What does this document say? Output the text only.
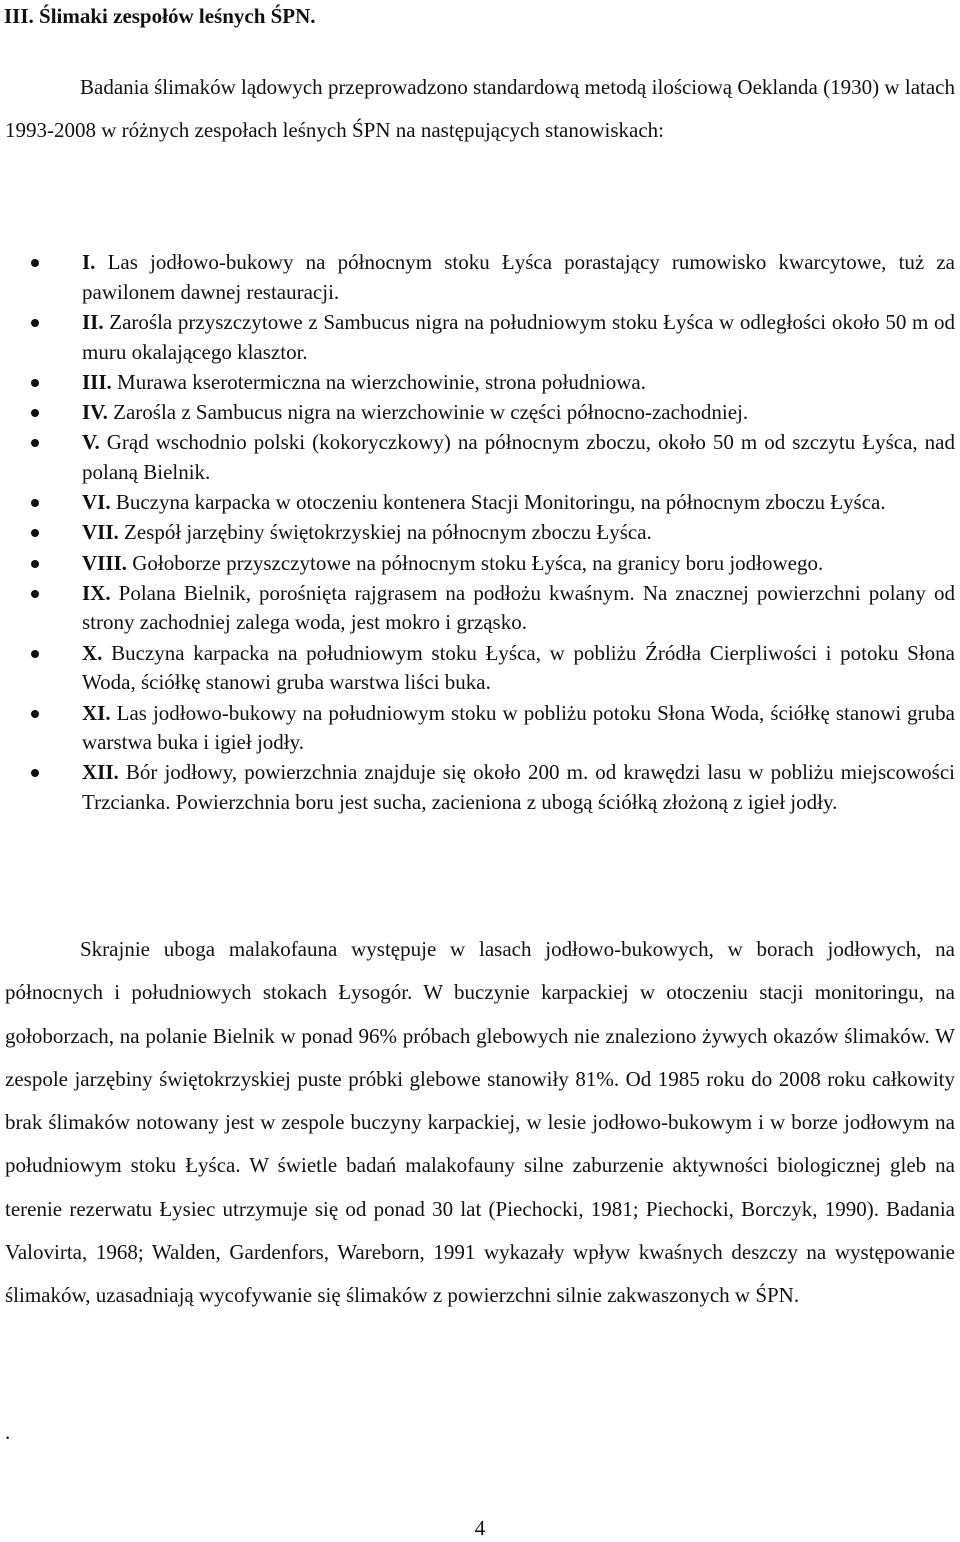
III. Ślimaki zespołów leśnych ŚPN.

Badania ślimaków lądowych przeprowadzono standardową metodą ilościową Oeklanda (1930) w latach 1993-2008 w różnych zespołach leśnych ŚPN na następujących stanowiskach:

I. Las jodłowo-bukowy na północnym stoku Łyśca porastający rumowisko kwarcytowe, tuż za pawilonem dawnej restauracji.
II. Zarośla przyszczytowe z Sambucus nigra na południowym stoku Łyśca w odległości około 50 m od muru okalającego klasztor.
III. Murawa kserotermiczna na wierzchowinie, strona południowa.
IV. Zarośla z Sambucus nigra na wierzchowinie w części północno-zachodniej.
V. Grąd wschodnio polski (kokoryczkowy) na północnym zboczu, około 50 m od szczytu Łyśca, nad polaną Bielnik.
VI. Buczyna karpacka w otoczeniu kontenera Stacji Monitoringu, na północnym zboczu Łyśca.
VII. Zespół jarzębiny świętokrzyskiej na północnym zboczu Łyśca.
VIII. Gołoborze przyszczytowe na północnym stoku Łyśca, na granicy boru jodłowego.
IX. Polana Bielnik, porośnięta rajgrasem na podłożu kwaśnym. Na znacznej powierzchni polany od strony zachodniej zalega woda, jest mokro i grząsko.
X. Buczyna karpacka na południowym stoku Łyśca, w pobliżu Źródła Cierpliwości i potoku Słona Woda, ściółkę stanowi gruba warstwa liści buka.
XI. Las jodłowo-bukowy na południowym stoku w pobliżu potoku Słona Woda, ściółkę stanowi gruba warstwa buka i igieł jodły.
XII. Bór jodłowy, powierzchnia znajduje się około 200 m. od krawędzi lasu w pobliżu miejscowości Trzcianka. Powierzchnia boru jest sucha, zacieniona z ubogą ściółką złożoną z igieł jodły.

Skrajnie uboga malakofauna występuje w lasach jodłowo-bukowych, w borach jodłowych, na północnych i południowych stokach Łysogór. W buczynie karpackiej w otoczeniu stacji monitoringu, na gołoborzach, na polanie Bielnik w ponad 96% próbach glebowych nie znaleziono żywych okazów ślimaków. W zespole jarzębiny świętokrzyskiej puste próbki glebowe stanowiły 81%. Od 1985 roku do 2008 roku całkowity brak ślimaków notowany jest w zespole buczyny karpackiej, w lesie jodłowo-bukowym i w borze jodłowym na południowym stoku Łyśca. W świetle badań malakofauny silne zaburzenie aktywności biologicznej gleb na terenie rezerwatu Łysiec utrzymuje się od ponad 30 lat (Piechocki, 1981; Piechocki, Borczyk, 1990). Badania Valovirta, 1968; Walden, Gardenfors, Wareborn, 1991 wykazały wpływ kwaśnych deszczy na występowanie ślimaków, uzasadniają wycofywanie się ślimaków z powierzchni silnie zakwaszonych w ŚPN.

.
4
